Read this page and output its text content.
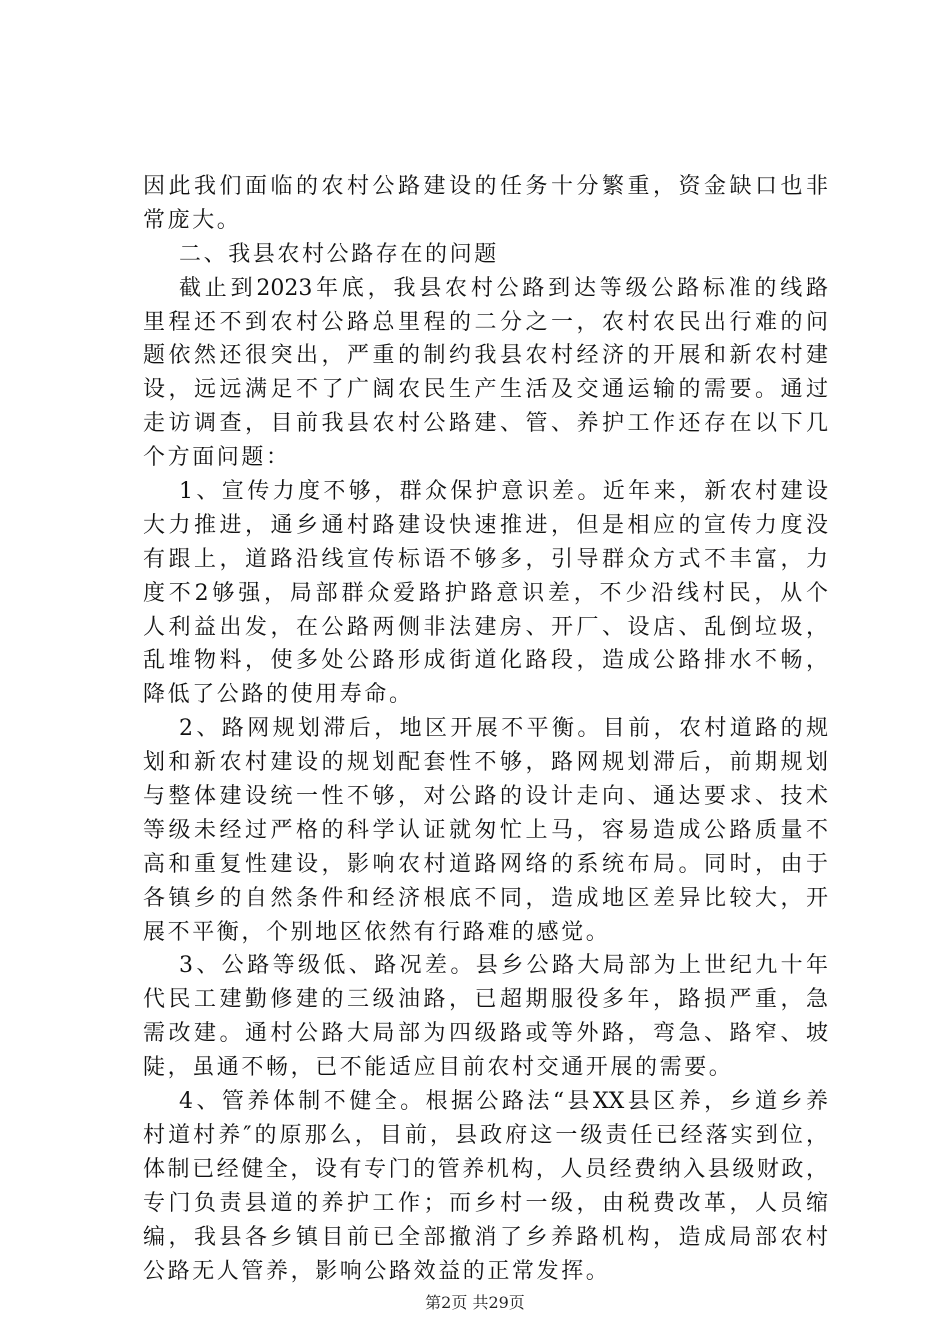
因此我们面临的农村公路建设的任务十分繁重，资金缺口也非
常庞大。
二、我县农村公路存在的问题
截止到2023年底，我县农村公路到达等级公路标准的线路
里程还不到农村公路总里程的二分之一，农村农民出行难的问
题依然还很突出，严重的制约我县农村经济的开展和新农村建
设，远远满足不了广阔农民生产生活及交通运输的需要。通过
走访调查，目前我县农村公路建、管、养护工作还存在以下几
个方面问题：
1、宣传力度不够，群众保护意识差。近年来，新农村建设
大力推进，通乡通村路建设快速推进，但是相应的宣传力度没
有跟上，道路沿线宣传标语不够多，引导群众方式不丰富，力
度不2够强，局部群众爱路护路意识差，不少沿线村民，从个
人利益出发，在公路两侧非法建房、开厂、设店、乱倒垃圾，
乱堆物料，使多处公路形成街道化路段，造成公路排水不畅，
降低了公路的使用寿命。
2、路网规划滞后，地区开展不平衡。目前，农村道路的规
划和新农村建设的规划配套性不够，路网规划滞后，前期规划
与整体建设统一性不够，对公路的设计走向、通达要求、技术
等级未经过严格的科学认证就匆忙上马，容易造成公路质量不
高和重复性建设，影响农村道路网络的系统布局。同时，由于
各镇乡的自然条件和经济根底不同，造成地区差异比较大，开
展不平衡，个别地区依然有行路难的感觉。
3、公路等级低、路况差。县乡公路大局部为上世纪九十年
代民工建勤修建的三级油路，已超期服役多年，路损严重，急
需改建。通村公路大局部为四级路或等外路，弯急、路窄、坡
陡，虽通不畅，已不能适应目前农村交通开展的需要。
4、管养体制不健全。根据公路法“县XX县区养，乡道乡养
村道村养″的原那么，目前，县政府这一级责任已经落实到位，
体制已经健全，设有专门的管养机构，人员经费纳入县级财政，
专门负责县道的养护工作；而乡村一级，由税费改革，人员缩
编，我县各乡镇目前已全部撤消了乡养路机构，造成局部农村
公路无人管养，影响公路效益的正常发挥。
第2页 共29页
